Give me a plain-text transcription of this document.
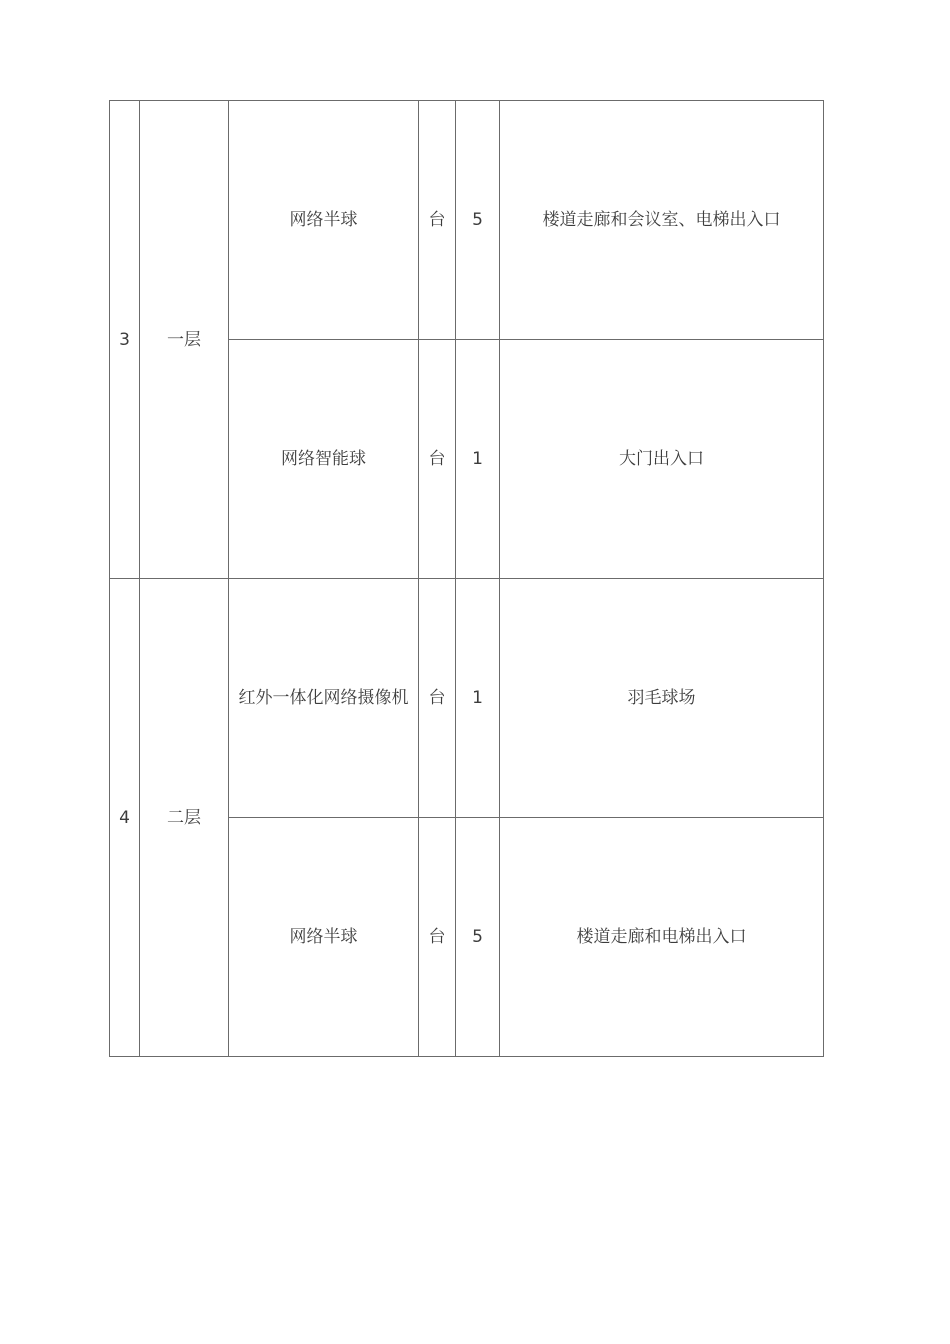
3	一层	网络半球	台	5	楼道走廊和会议室、电梯出入口
		网络智能球	台	1	大门出入口
4	二层	红外一体化网络摄像机	台	1	羽毛球场
		网络半球	台	5	楼道走廊和电梯出入口
